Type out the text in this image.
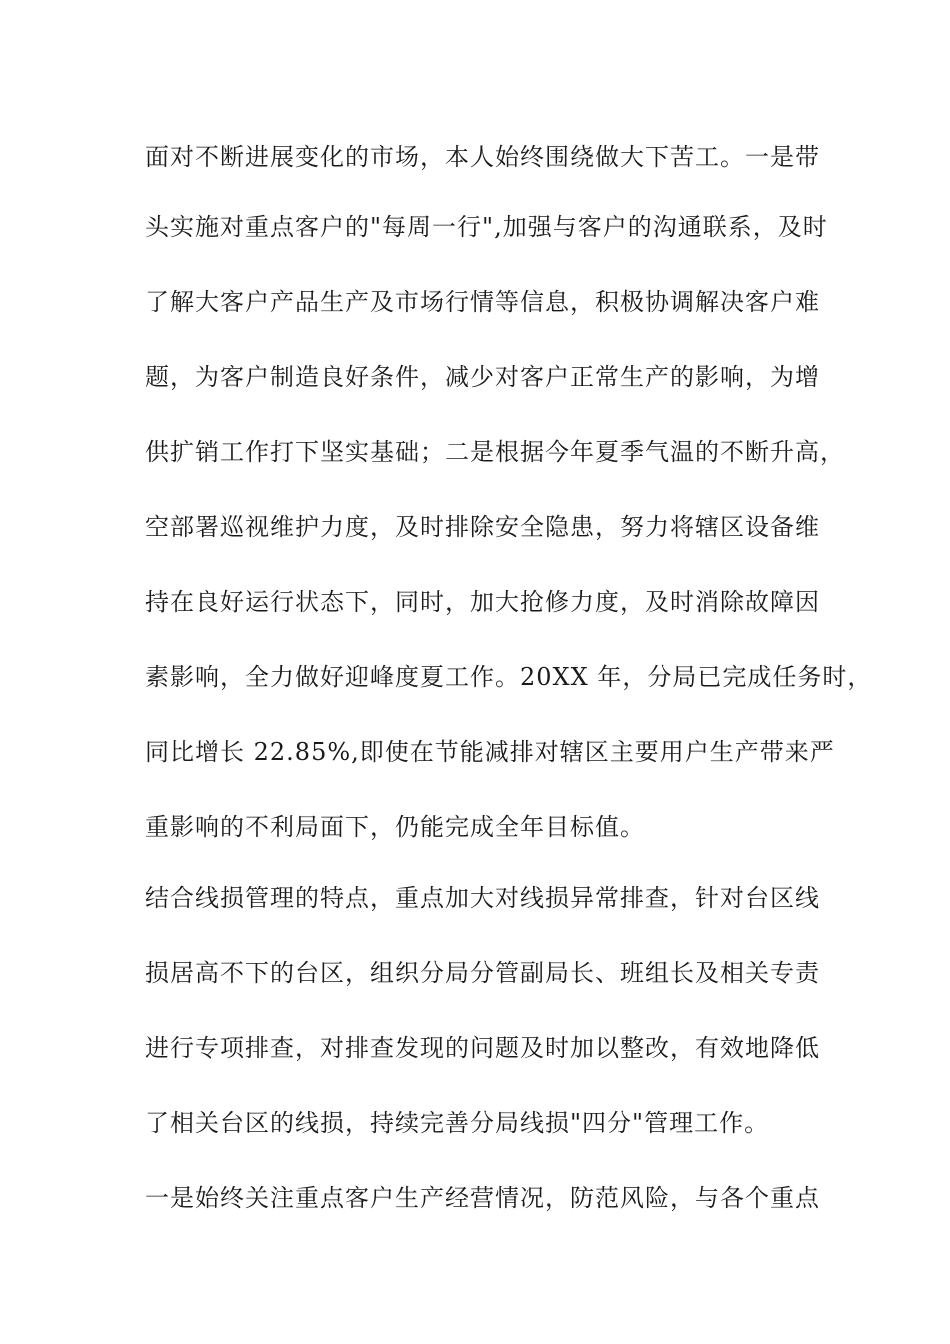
面对不断进展变化的市场，本人始终围绕做大下苦工。一是带
头实施对重点客户的"每周一行",加强与客户的沟通联系，及时
了解大客户产品生产及市场行情等信息，积极协调解决客户难
题，为客户制造良好条件，减少对客户正常生产的影响，为增
供扩销工作打下坚实基础；二是根据今年夏季气温的不断升高，
空部署巡视维护力度，及时排除安全隐患，努力将辖区设备维
持在良好运行状态下，同时，加大抢修力度，及时消除故障因
素影响，全力做好迎峰度夏工作。20XX 年，分局已完成任务时，
同比增长 22.85%,即使在节能减排对辖区主要用户生产带来严
重影响的不利局面下，仍能完成全年目标值。
结合线损管理的特点，重点加大对线损异常排查，针对台区线
损居高不下的台区，组织分局分管副局长、班组长及相关专责
进行专项排查，对排查发现的问题及时加以整改，有效地降低
了相关台区的线损，持续完善分局线损"四分"管理工作。
一是始终关注重点客户生产经营情况，防范风险，与各个重点
